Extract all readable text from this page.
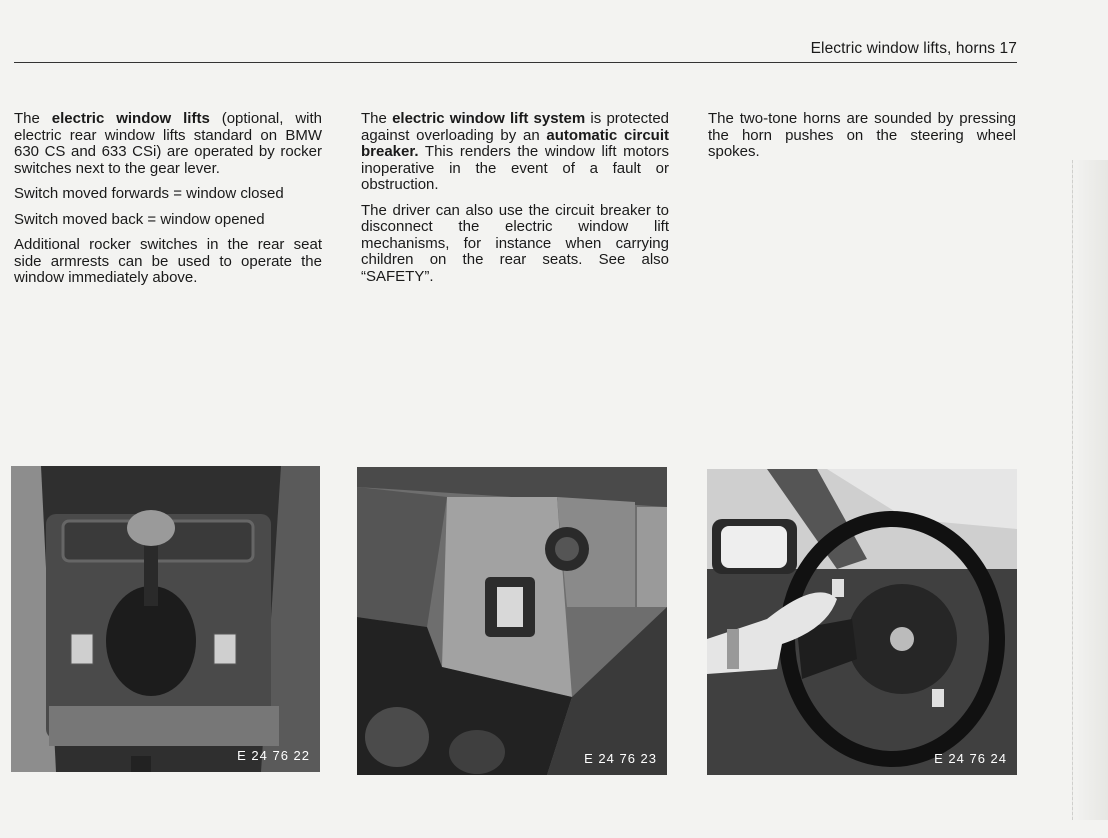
Electric window lifts, horns 17

The electric window lifts (optional, with electric rear window lifts standard on BMW 630 CS and 633 CSi) are operated by rocker switches next to the gear lever.

Switch moved forwards = window closed

Switch moved back = window opened

Additional rocker switches in the rear seat side armrests can be used to operate the window immediately above.

The electric window lift system is protected against overloading by an automatic circuit breaker. This renders the window lift motors inoperative in the event of a fault or obstruction.

The driver can also use the circuit breaker to disconnect the electric window lift mechanisms, for instance when carrying children on the rear seats. See also “SAFETY”.

The two-tone horns are sounded by pressing the horn pushes on the steering wheel spokes.

E 24 76 22	E 24 76 23	E 24 76 24
